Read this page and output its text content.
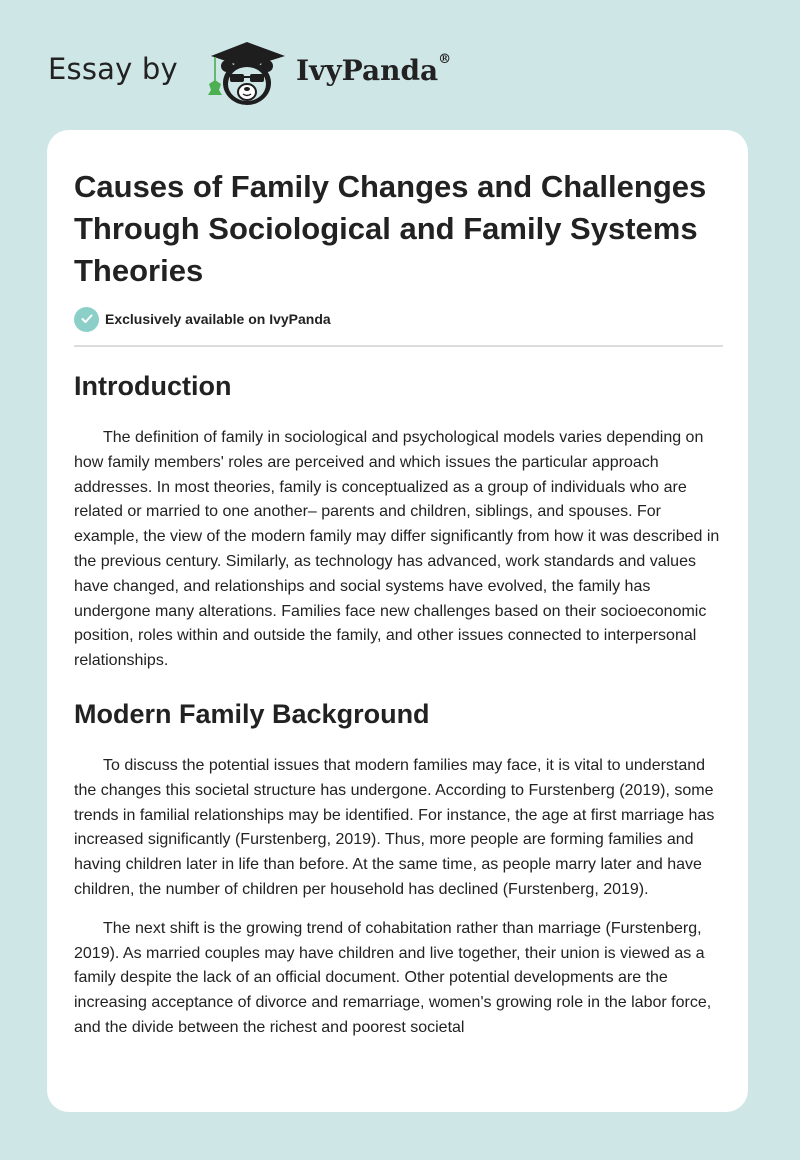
Essay by	IvyPanda®
Causes of Family Changes and Challenges Through Sociological and Family Systems Theories
Exclusively available on IvyPanda
Introduction

The definition of family in sociological and psychological models varies depending on how family members' roles are perceived and which issues the particular approach addresses. In most theories, family is conceptualized as a group of individuals who are related or married to one another– parents and children, siblings, and spouses. For example, the view of the modern family may differ significantly from how it was described in the previous century. Similarly, as technology has advanced, work standards and values have changed, and relationships and social systems have evolved, the family has undergone many alterations. Families face new challenges based on their socioeconomic position, roles within and outside the family, and other issues connected to interpersonal relationships.

Modern Family Background

To discuss the potential issues that modern families may face, it is vital to understand the changes this societal structure has undergone. According to Furstenberg (2019), some trends in familial relationships may be identified. For instance, the age at first marriage has increased significantly (Furstenberg, 2019). Thus, more people are forming families and having children later in life than before. At the same time, as people marry later and have children, the number of children per household has declined (Furstenberg, 2019).

The next shift is the growing trend of cohabitation rather than marriage (Furstenberg, 2019). As married couples may have children and live together, their union is viewed as a family despite the lack of an official document. Other potential developments are the increasing acceptance of divorce and remarriage, women's growing role in the labor force, and the divide between the richest and poorest societal
